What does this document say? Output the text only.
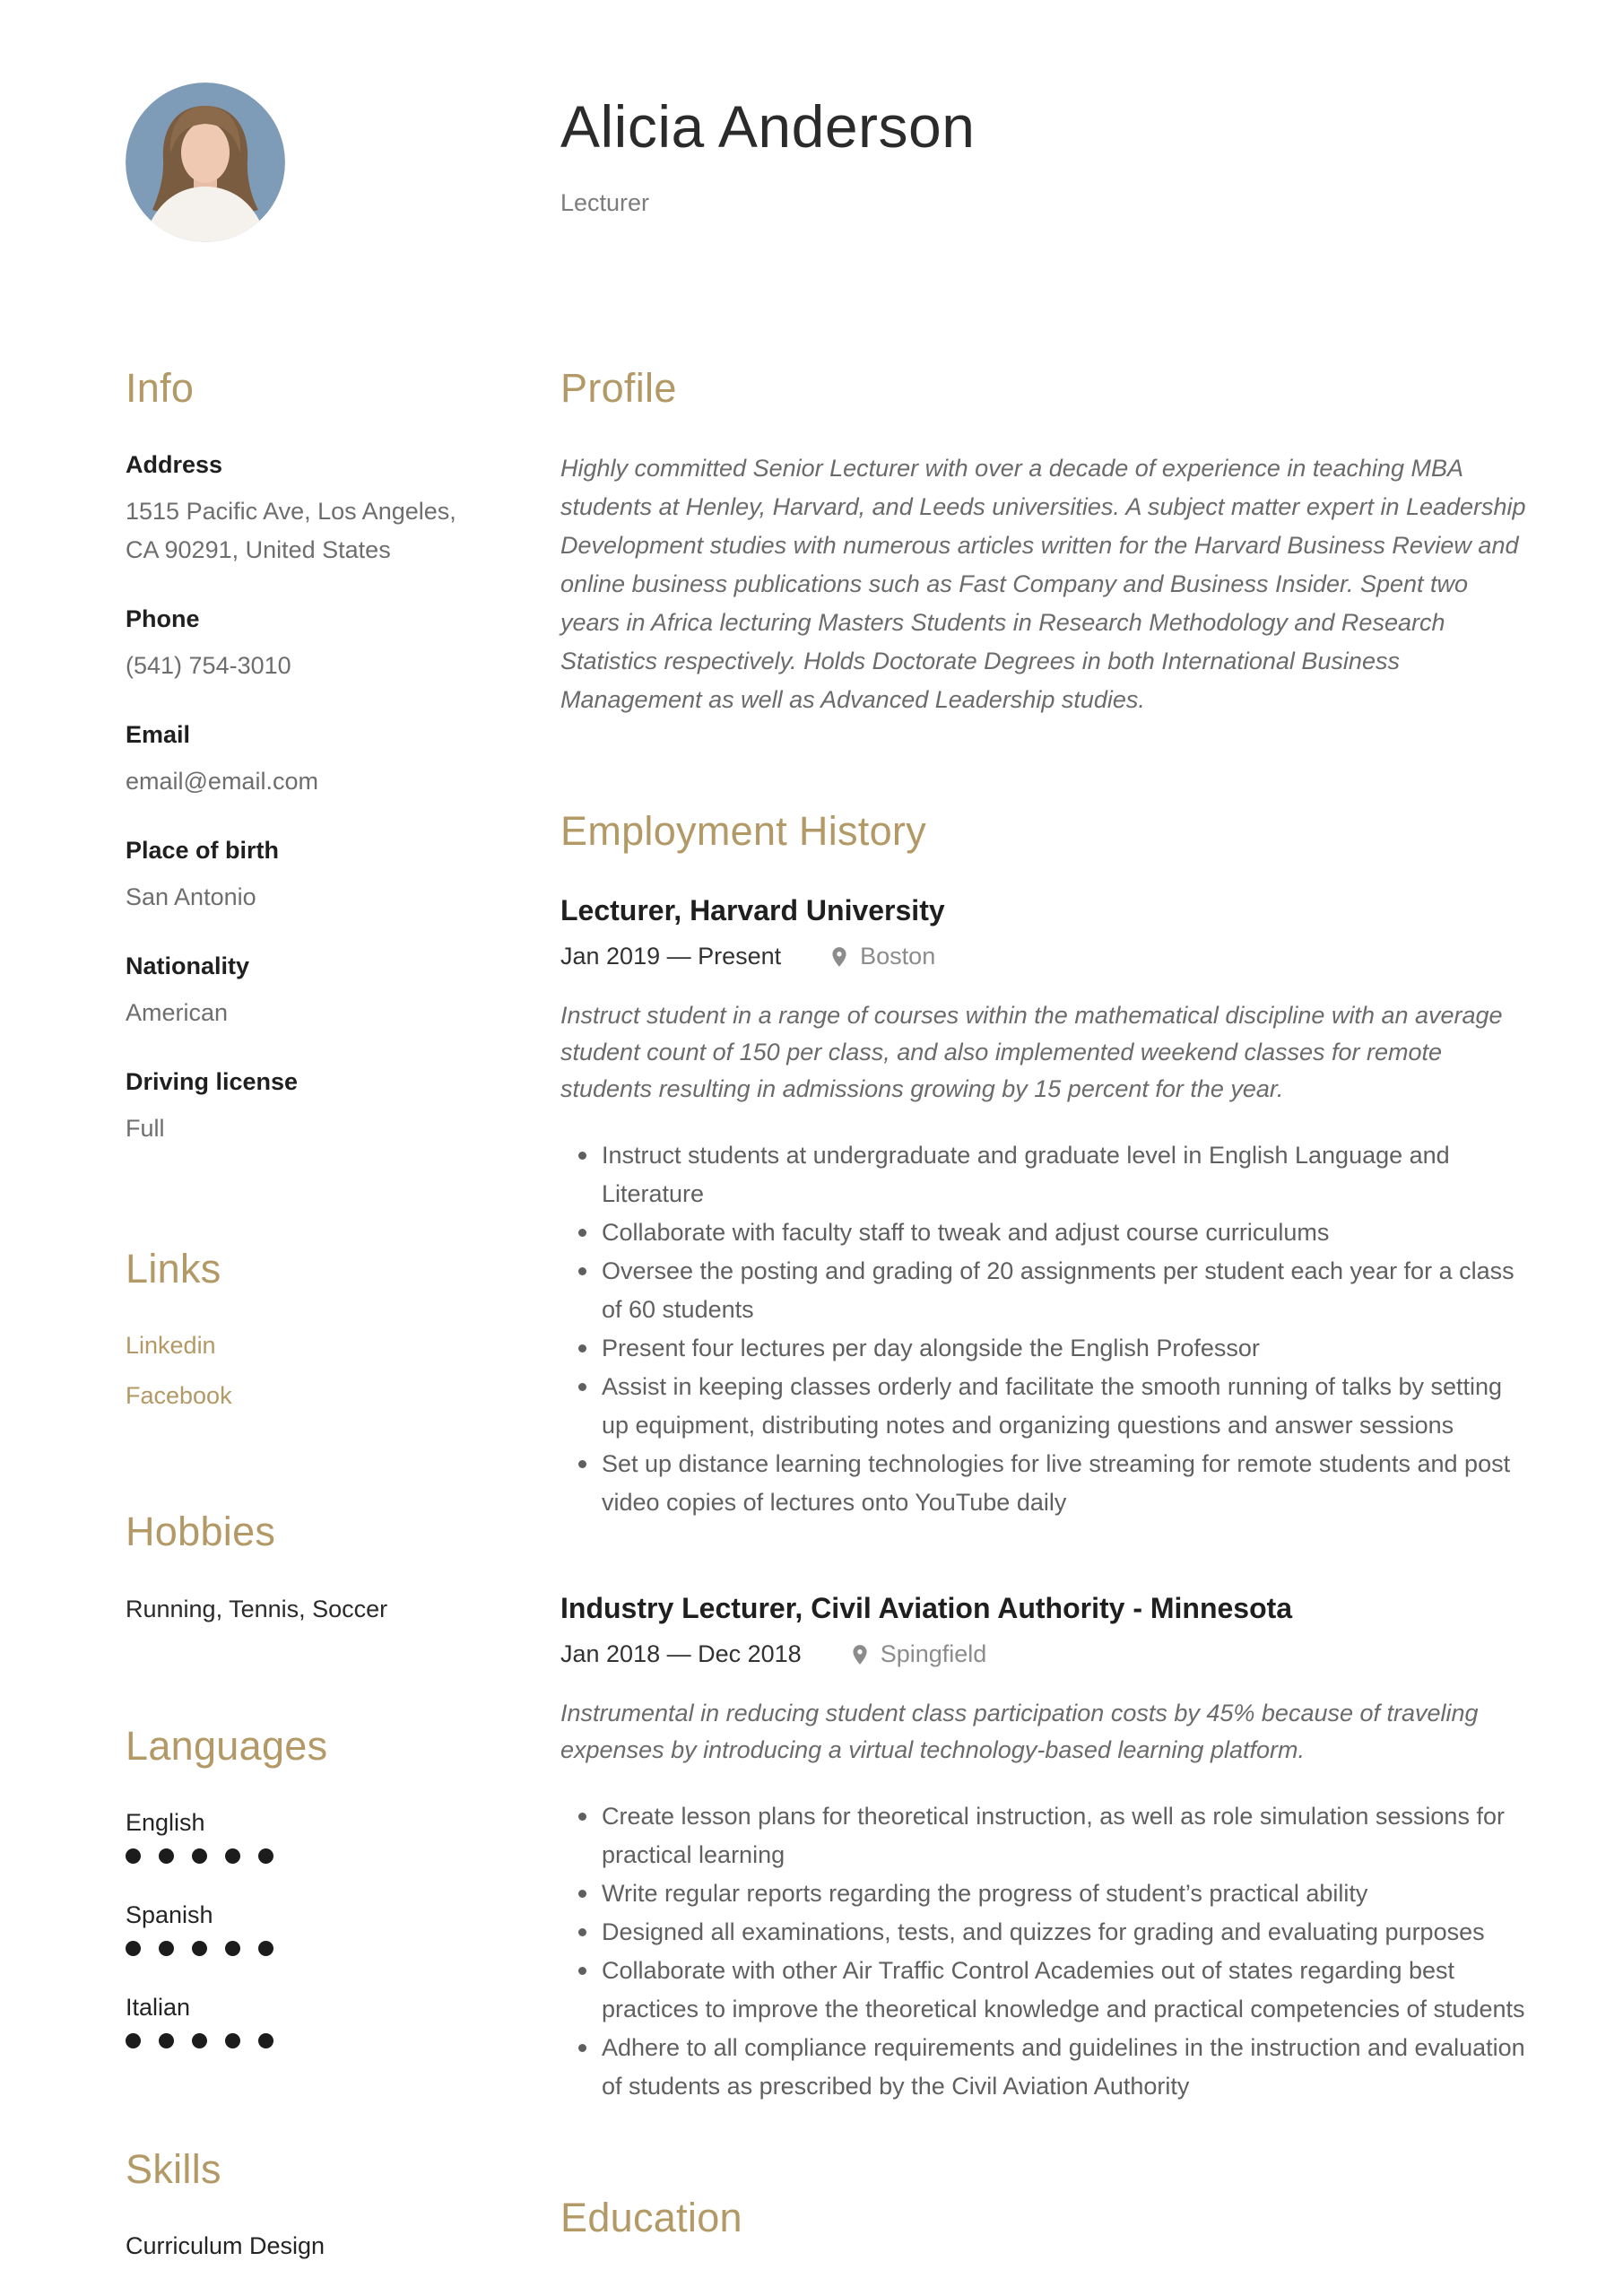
Alicia Anderson
Lecturer
Info
Address
1515 Pacific Ave, Los Angeles,
CA 90291, United States
Phone
(541) 754-3010
Email
email@email.com
Place of birth
San Antonio
Nationality
American
Driving license
Full
Links
Linkedin
Facebook
Hobbies
Running, Tennis, Soccer
Languages
English
Spanish
Italian
Skills
Curriculum Design
Profile

Highly committed Senior Lecturer with over a decade of experience in teaching MBA students at Henley, Harvard, and Leeds universities. A subject matter expert in Leadership Development studies with numerous articles written for the Harvard Business Review and online business publications such as Fast Company and Business Insider. Spent two years in Africa lecturing Masters Students in Research Methodology and Research Statistics respectively. Holds Doctorate Degrees in both International Business Management as well as Advanced Leadership studies.

Employment History
Lecturer, Harvard University
Jan 2019 — Present	Boston

Instruct student in a range of courses within the mathematical discipline with an average student count of 150 per class, and also implemented weekend classes for remote students resulting in admissions growing by 15 percent for the year.

Instruct students at undergraduate and graduate level in English Language and Literature
Collaborate with faculty staff to tweak and adjust course curriculums
Oversee the posting and grading of 20 assignments per student each year for a class of 60 students
Present four lectures per day alongside the English Professor
Assist in keeping classes orderly and facilitate the smooth running of talks by setting up equipment, distributing notes and organizing questions and answer sessions
Set up distance learning technologies for live streaming for remote students and post video copies of lectures onto YouTube daily
Industry Lecturer, Civil Aviation Authority - Minnesota
Jan 2018 — Dec 2018	Spingfield

Instrumental in reducing student class participation costs by 45% because of traveling expenses by introducing a virtual technology-based learning platform.

Create lesson plans for theoretical instruction, as well as role simulation sessions for practical learning
Write regular reports regarding the progress of student’s practical ability
Designed all examinations, tests, and quizzes for grading and evaluating purposes
Collaborate with other Air Traffic Control Academies out of states regarding best practices to improve the theoretical knowledge and practical competencies of students
Adhere to all compliance requirements and guidelines in the instruction and evaluation of students as prescribed by the Civil Aviation Authority
Education
